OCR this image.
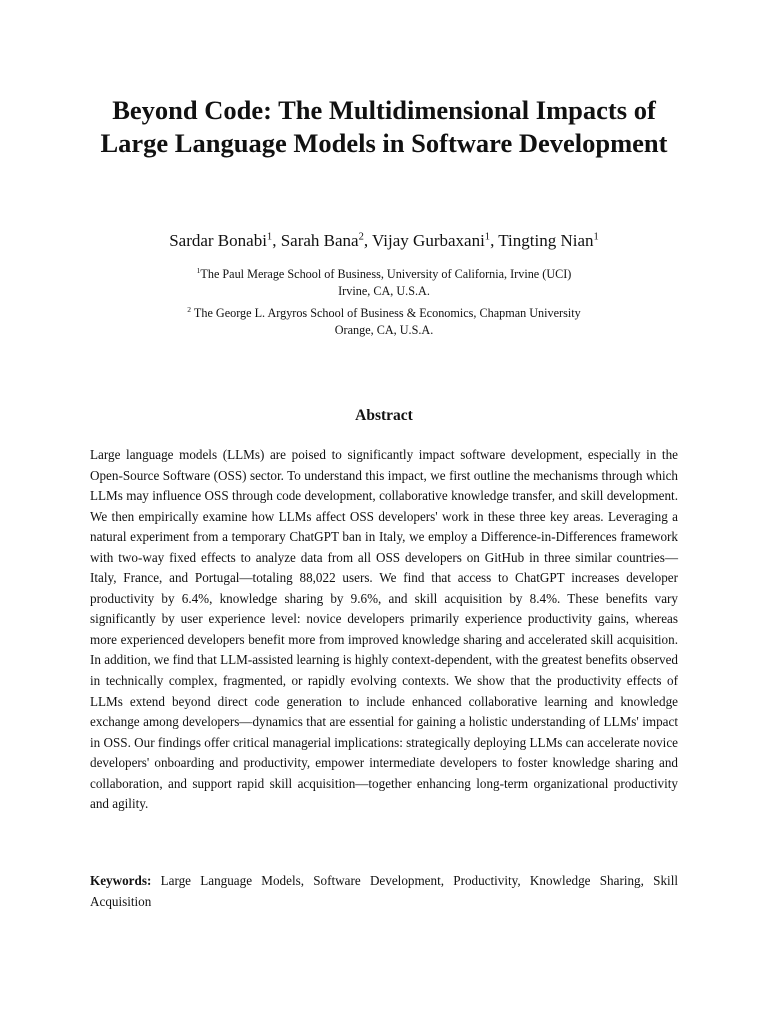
Beyond Code: The Multidimensional Impacts of Large Language Models in Software Development

Sardar Bonabi$^1$, Sarah Bana$^2$, Vijay Gurbaxani$^1$, Tingting Nian$^1$

$^1$The Paul Merage School of Business, University of California, Irvine (UCI)
Irvine, CA, U.S.A.

$^2$ The George L. Argyros School of Business & Economics, Chapman University
Orange, CA, U.S.A.

Abstract

Large language models (LLMs) are poised to significantly impact software development, especially in the Open-Source Software (OSS) sector. To understand this impact, we first outline the mechanisms through which LLMs may influence OSS through code development, collaborative knowledge transfer, and skill development. We then empirically examine how LLMs affect OSS developers' work in these three key areas. Leveraging a natural experiment from a temporary ChatGPT ban in Italy, we employ a Difference-in-Differences framework with two-way fixed effects to analyze data from all OSS developers on GitHub in three similar countries—Italy, France, and Portugal—totaling 88,022 users. We find that access to ChatGPT increases developer productivity by 6.4%, knowledge sharing by 9.6%, and skill acquisition by 8.4%. These benefits vary significantly by user experience level: novice developers primarily experience productivity gains, whereas more experienced developers benefit more from improved knowledge sharing and accelerated skill acquisition. In addition, we find that LLM-assisted learning is highly context-dependent, with the greatest benefits observed in technically complex, fragmented, or rapidly evolving contexts. We show that the productivity effects of LLMs extend beyond direct code generation to include enhanced collaborative learning and knowledge exchange among developers—dynamics that are essential for gaining a holistic understanding of LLMs' impact in OSS. Our findings offer critical managerial implications: strategically deploying LLMs can accelerate novice developers' onboarding and productivity, empower intermediate developers to foster knowledge sharing and collaboration, and support rapid skill acquisition—together enhancing long-term organizational productivity and agility.

Keywords: Large Language Models, Software Development, Productivity, Knowledge Sharing, Skill Acquisition
